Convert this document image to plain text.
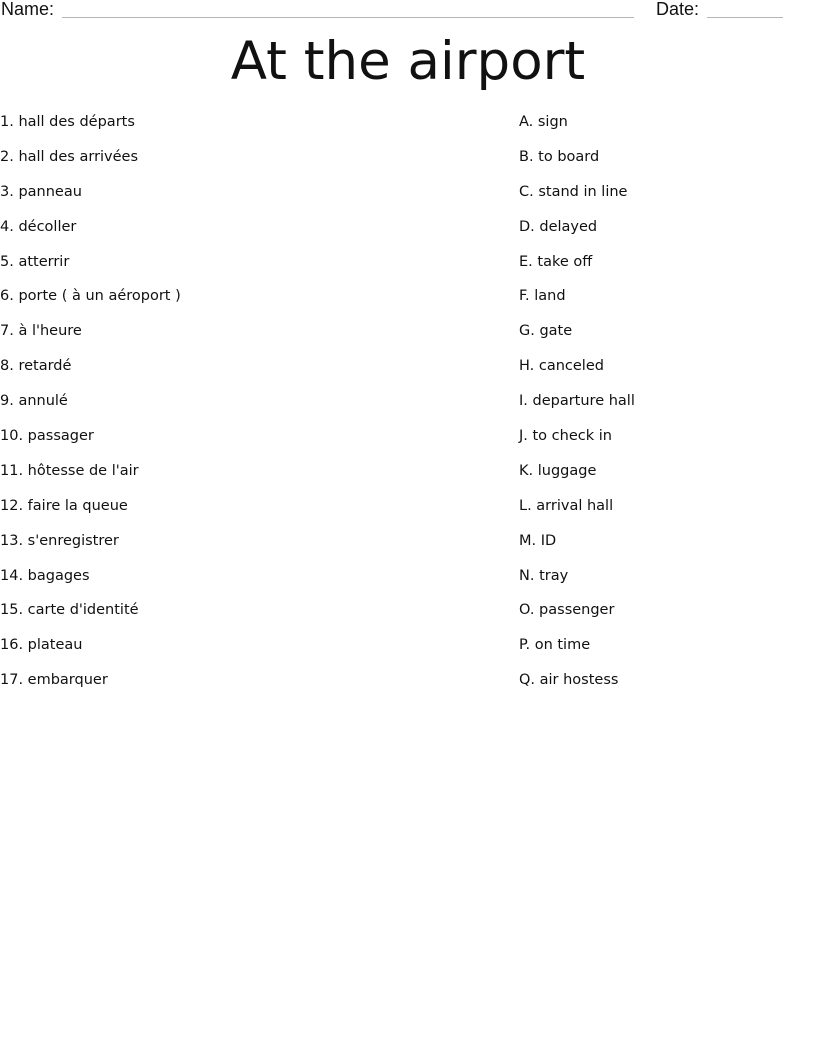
Name:	Date:
At the airport
1. hall des départs
2. hall des arrivées
3. panneau
4. décoller
5. atterrir
6. porte ( à un aéroport )
7. à l'heure
8. retardé
9. annulé
10. passager
11. hôtesse de l'air
12. faire la queue
13. s'enregistrer
14. bagages
15. carte d'identité
16. plateau
17. embarquer
A. sign
B. to board
C. stand in line
D. delayed
E. take off
F. land
G. gate
H. canceled
I. departure hall
J. to check in
K. luggage
L. arrival hall
M. ID
N. tray
O. passenger
P. on time
Q. air hostess
